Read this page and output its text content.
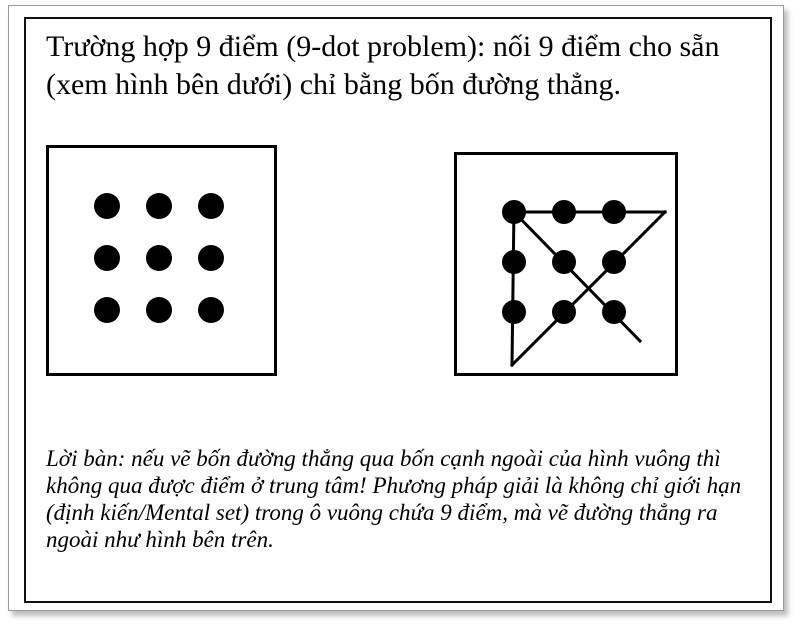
Trường hợp 9 điểm (9-dot problem): nối 9 điểm cho sẵn (xem hình bên dưới) chỉ bằng bốn đường thẳng.

Lời bàn: nếu vẽ bốn đường thẳng qua bốn cạnh ngoài của hình vuông thì không qua được điểm ở trung tâm! Phương pháp giải là không chỉ giới hạn (định kiến/Mental set) trong ô vuông chứa 9 điểm, mà vẽ đường thẳng ra ngoài như hình bên trên.
